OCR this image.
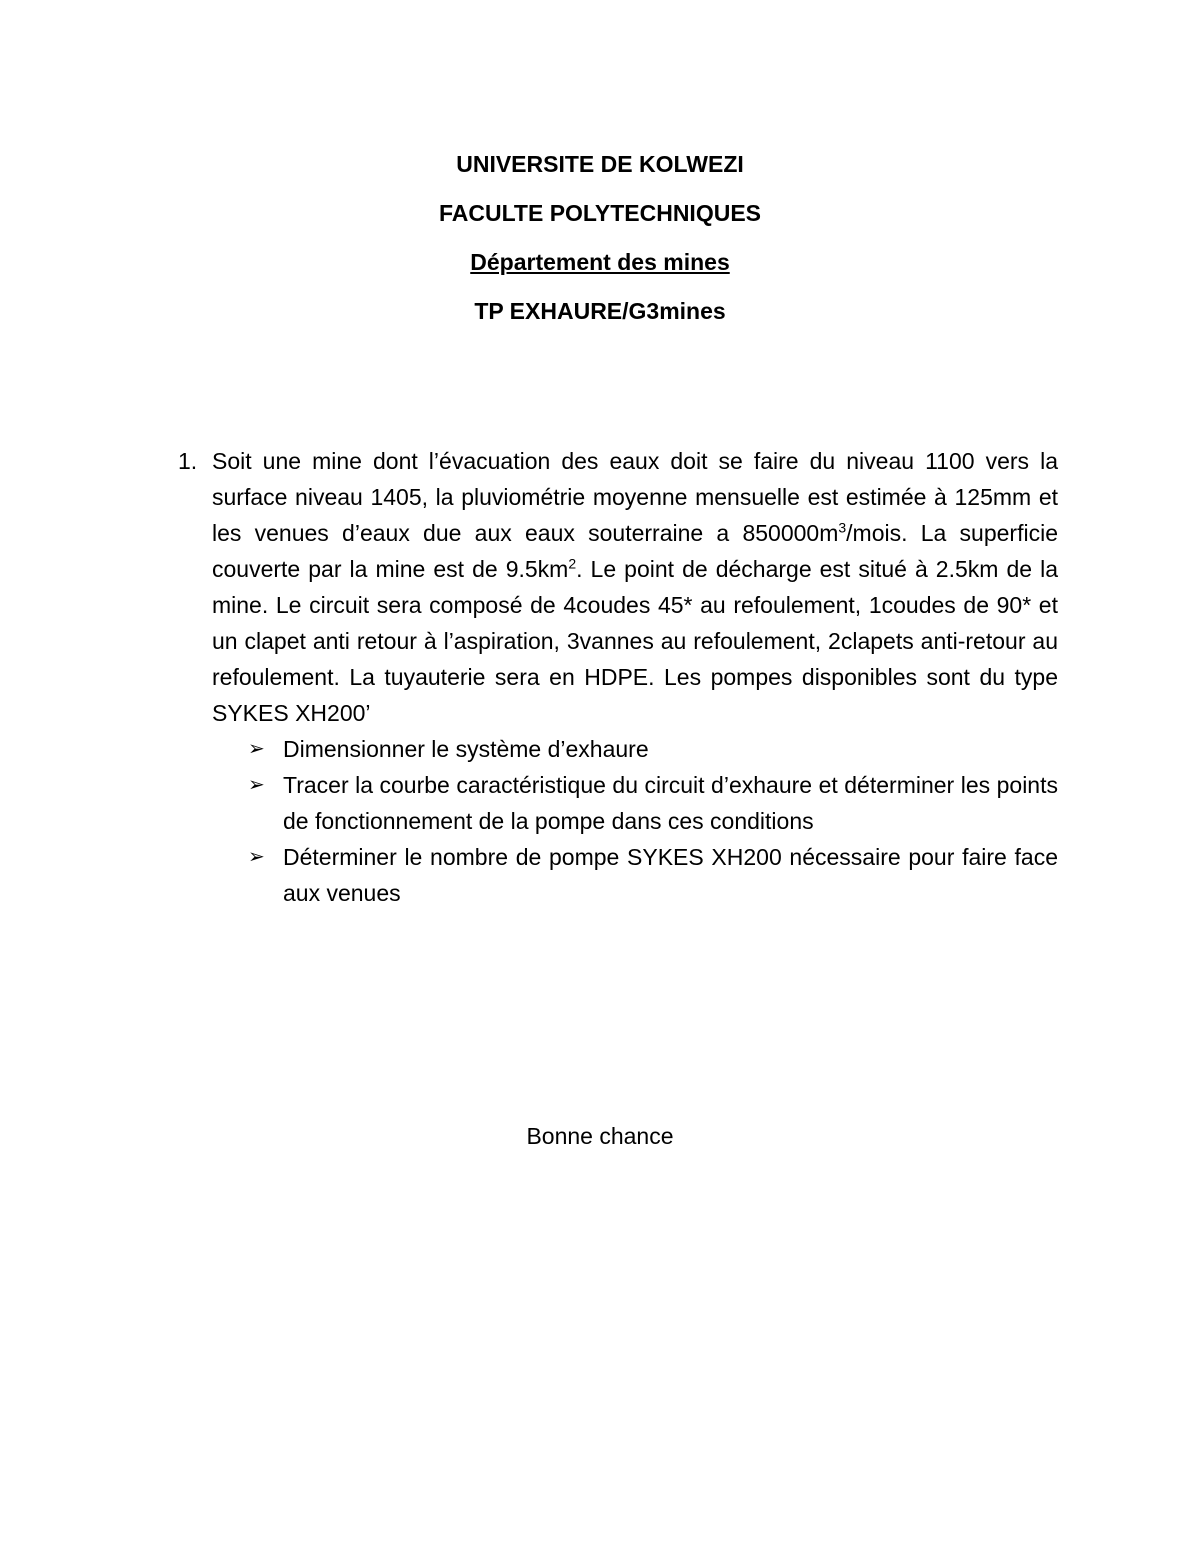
UNIVERSITE DE KOLWEZI
FACULTE POLYTECHNIQUES
Département des mines
TP EXHAURE/G3mines
1. Soit une mine dont l’évacuation des eaux doit se faire du niveau 1100 vers la surface niveau 1405, la pluviométrie moyenne mensuelle est estimée à 125mm et les venues d’eaux due aux eaux souterraine a $850000m^3$/mois. La superficie couverte par la mine est de $9.5km^2$. Le point de décharge est situé à 2.5km de la mine. Le circuit sera composé de 4coudes 45* au refoulement, 1coudes de 90* et un clapet anti retour à l’aspiration, 3vannes au refoulement, 2clapets anti-retour au refoulement. La tuyauterie sera en HDPE. Les pompes disponibles sont du type SYKES XH200’
➢ Dimensionner le système d’exhaure
➢ Tracer la courbe caractéristique du circuit d’exhaure et déterminer les points de fonctionnement de la pompe dans ces conditions
➢ Déterminer le nombre de pompe SYKES XH200 nécessaire pour faire face aux venues
Bonne chance
